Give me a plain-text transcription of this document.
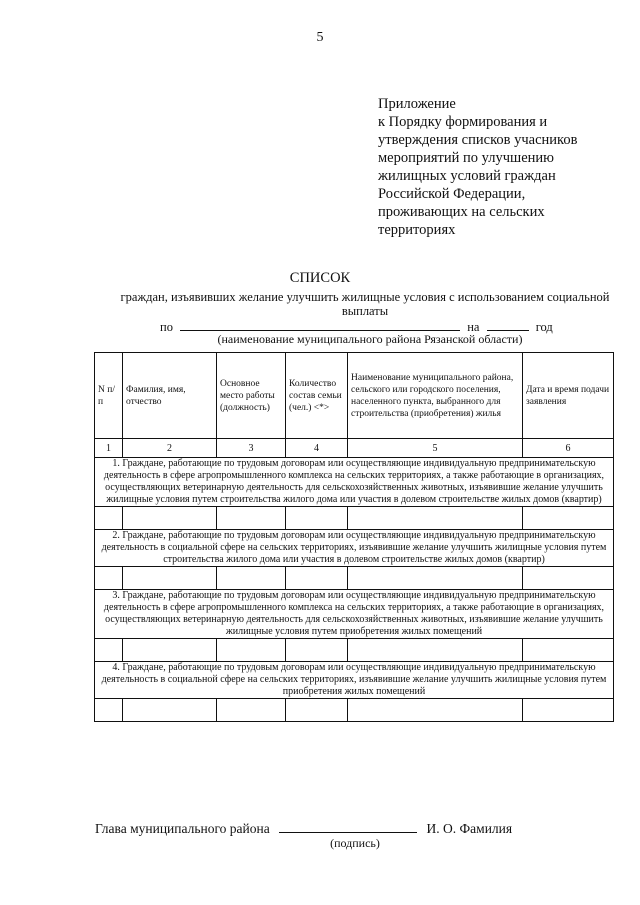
5
Приложение
к Порядку формирования и
утверждения списков учасников
мероприятий по улучшению
жилищных условий граждан
Российской Федерации,
проживающих на сельских
территориях
СПИСОК
граждан, изъявивших желание улучшить жилищные условия с использованием социальной выплаты
по	на	год
(наименование муниципального района Рязанской области)
N п/п	Фамилия, имя, отчество	Основное место работы (должность)	Количество состав семьи (чел.) <*>	Наименование муниципального района, сельского или городского поселения, населенного пункта, выбранного для строительства (приобретения) жилья	Дата и время подачи заявления
1	2	3	4	5	6

1. Граждане, работающие по трудовым договорам или осуществляющие индивидуальную предпринимательскую деятельность в сфере агропромышленного комплекса на сельских территориях, а также работающие в организациях, осуществляющих ветеринарную деятельность для сельскохозяйственных животных, изъявившие желание улучшить жилищные условия путем строительства жилого дома или участия в долевом строительстве жилых домов (квартир)					

2. Граждане, работающие по трудовым договорам или осуществляющие индивидуальную предпринимательскую деятельность в социальной сфере на сельских территориях, изъявившие желание улучшить жилищные условия путем строительства жилого дома или участия в долевом строительстве жилых домов (квартир)					

3. Граждане, работающие по трудовым договорам или осуществляющие индивидуальную предпринимательскую деятельность в сфере агропромышленного комплекса на сельских территориях, а также работающие в организациях, осуществляющих ветеринарную деятельность для сельскохозяйственных животных, изъявившие желание улучшить жилищные условия путем приобретения жилых помещений					

4. Граждане, работающие по трудовым договорам или осуществляющие индивидуальную предпринимательскую деятельность в социальной сфере на сельских территориях, изъявившие желание улучшить жилищные условия путем приобретения жилых помещений					

Глава муниципального района	И. О. Фамилия
(подпись)
